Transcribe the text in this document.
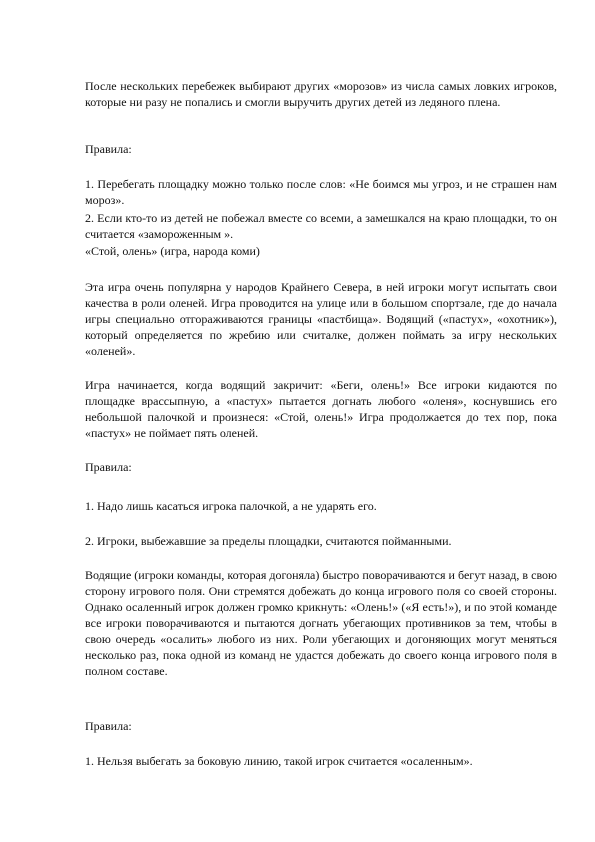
После нескольких перебежек выбирают других «морозов» из числа самых ловких игроков, которые ни разу не попались и смогли выручить других детей из ледяного плена.

Правила:

1. Перебегать площадку можно только после слов: «Не боимся мы угроз, и не страшен нам мороз».

2. Если кто-то из детей не побежал вместе со всеми, а замешкался на краю площадки, то он считается «замороженным ».

«Стой, олень» (игра, народа коми)

Эта игра очень популярна у народов Крайнего Севера, в ней игроки могут испытать свои качества в роли оленей. Игра проводится на улице или в большом спортзале, где до начала игры специально отгораживаются границы «пастбища». Водящий («пастух», «охотник»), который определяется по жребию или считалке, должен поймать за игру нескольких «оленей».

Игра начинается, когда водящий закричит: «Беги, олень!» Все игроки кидаются по площадке врассыпную, а «пастух» пытается догнать любого «оленя», коснувшись его небольшой палочкой и произнеся: «Стой, олень!» Игра продолжается до тех пор, пока «пастух» не поймает пять оленей.

Правила:
1. Надо лишь касаться игрока палочкой, а не ударять его.
2. Игроки, выбежавшие за пределы площадки, считаются пойманными.

Водящие (игроки команды, которая догоняла) быстро поворачиваются и бегут назад, в свою сторону игрового поля. Они стремятся добежать до конца игрового поля со своей стороны. Однако осаленный игрок должен громко крикнуть: «Олень!» («Я есть!»), и по этой команде все игроки поворачиваются и пытаются догнать убегающих противников за тем, чтобы в свою очередь «осалить» любого из них. Роли убегающих и догоняющих могут меняться несколько раз, пока одной из команд не удастся добежать до своего конца игрового поля в полном составе.

Правила:
1. Нельзя выбегать за боковую линию, такой игрок считается «осаленным».
